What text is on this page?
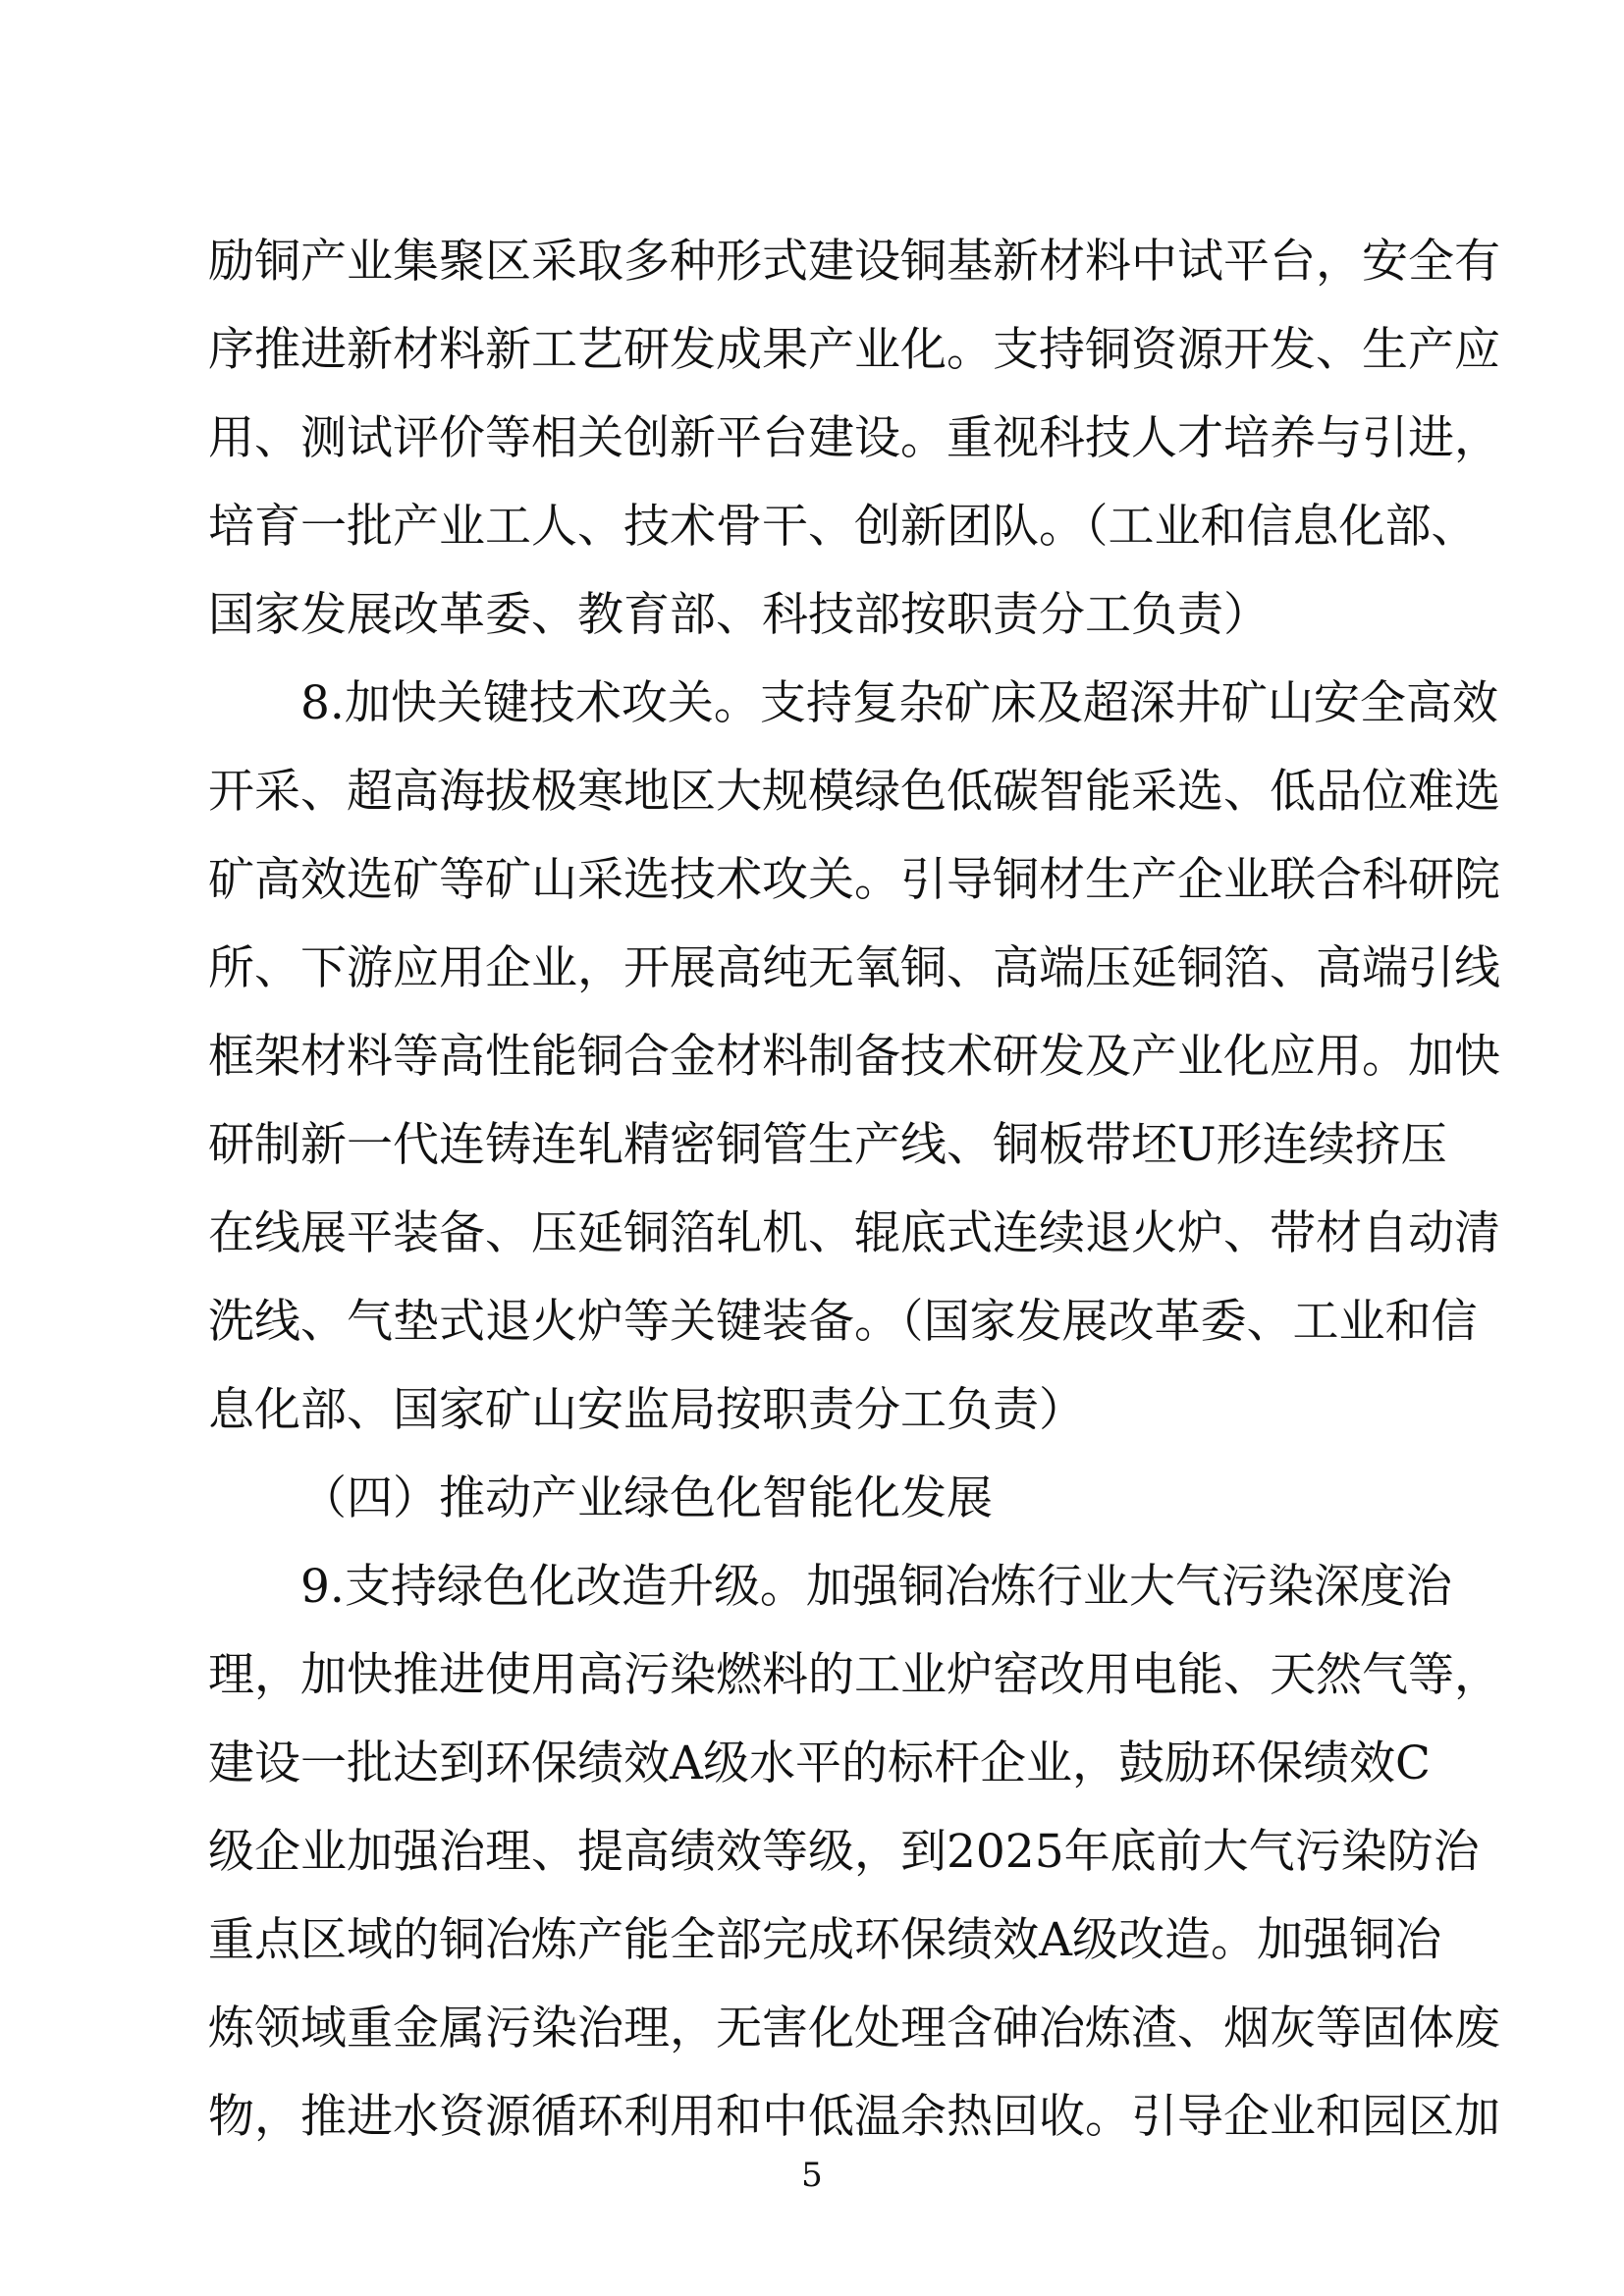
励铜产业集聚区采取多种形式建设铜基新材料中试平台，安全有
序推进新材料新工艺研发成果产业化。支持铜资源开发、生产应
用、测试评价等相关创新平台建设。重视科技人才培养与引进，
培育一批产业工人、技术骨干、创新团队。（工业和信息化部、
国家发展改革委、教育部、科技部按职责分工负责）
8.加快关键技术攻关。支持复杂矿床及超深井矿山安全高效
开采、超高海拔极寒地区大规模绿色低碳智能采选、低品位难选
矿高效选矿等矿山采选技术攻关。引导铜材生产企业联合科研院
所、下游应用企业，开展高纯无氧铜、高端压延铜箔、高端引线
框架材料等高性能铜合金材料制备技术研发及产业化应用。加快
研制新一代连铸连轧精密铜管生产线、铜板带坯U形连续挤压
在线展平装备、压延铜箔轧机、辊底式连续退火炉、带材自动清
洗线、气垫式退火炉等关键装备。（国家发展改革委、工业和信
息化部、国家矿山安监局按职责分工负责）
（四）推动产业绿色化智能化发展
9.支持绿色化改造升级。加强铜冶炼行业大气污染深度治
理，加快推进使用高污染燃料的工业炉窑改用电能、天然气等，
建设一批达到环保绩效A级水平的标杆企业，鼓励环保绩效C
级企业加强治理、提高绩效等级，到2025年底前大气污染防治
重点区域的铜冶炼产能全部完成环保绩效A级改造。加强铜冶
炼领域重金属污染治理，无害化处理含砷冶炼渣、烟灰等固体废
物，推进水资源循环利用和中低温余热回收。引导企业和园区加
5
